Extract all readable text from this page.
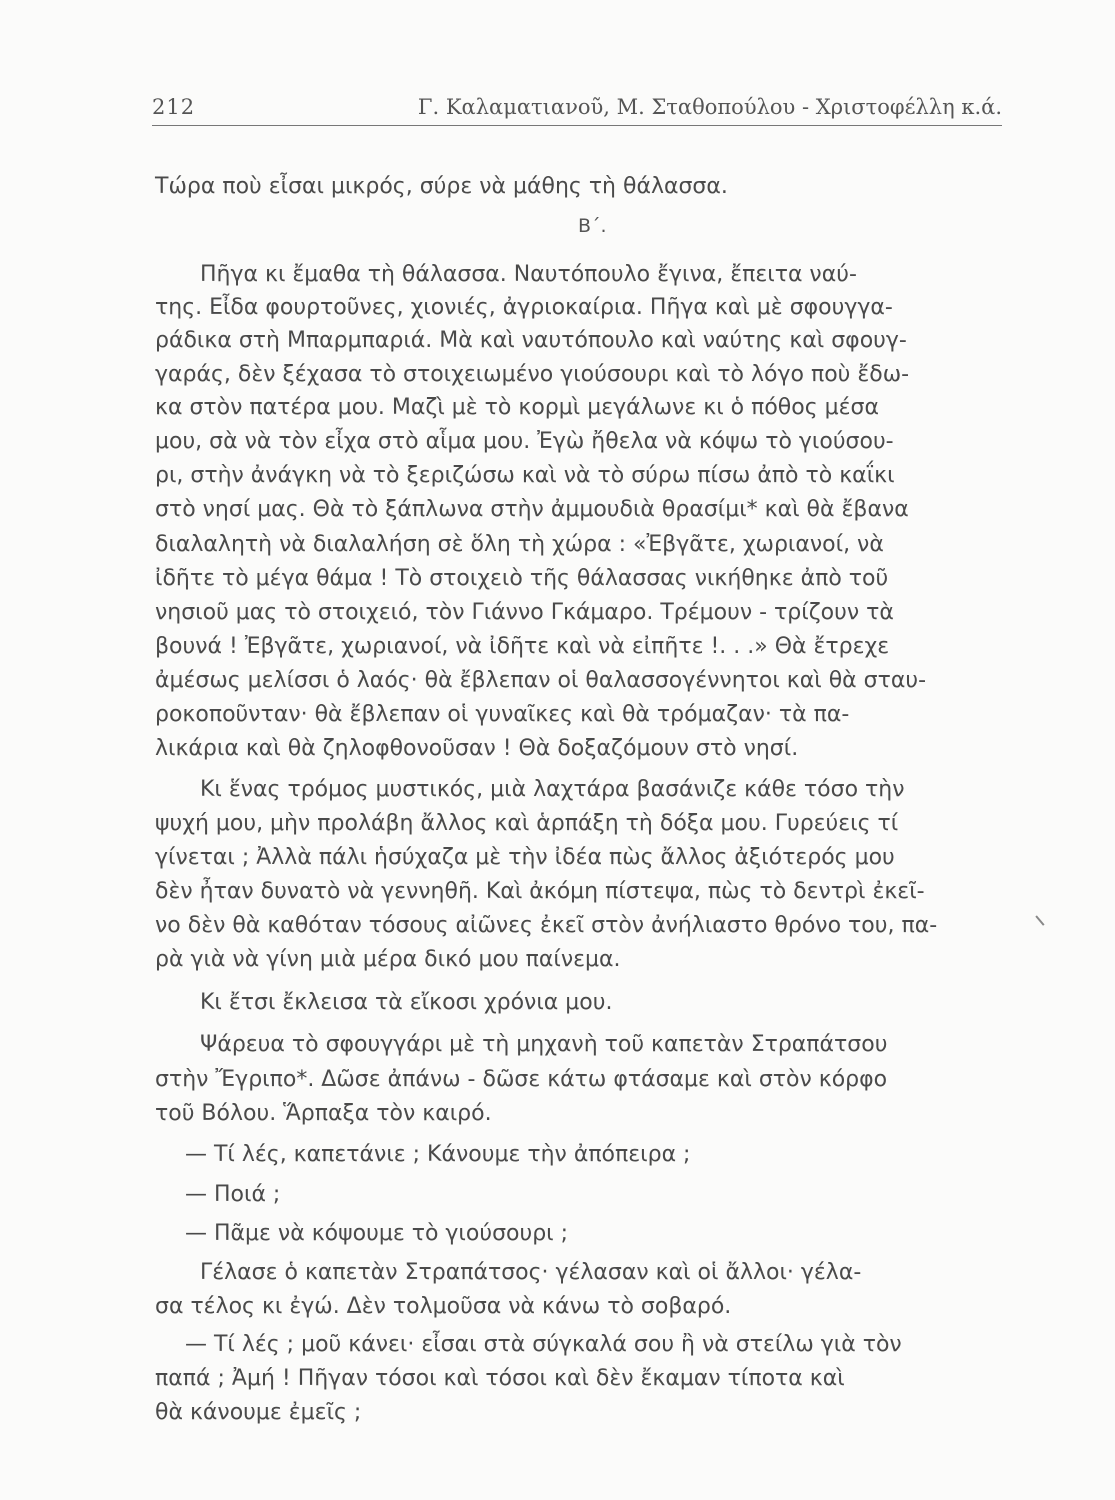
212	Γ. Καλαματιανοῦ, Μ. Σταθοπούλου - Χριστοφέλλη κ.ά.
Τώρα ποὺ εἶσαι μικρός, σύρε νὰ μάθης τὴ θάλασσα.
Β΄.
Πῆγα κι ἔμαθα τὴ θάλασσα. Ναυτόπουλο ἔγινα, ἔπειτα ναύ-
της. Εἶδα φουρτοῦνες, χιονιές, ἀγριοκαίρια. Πῆγα καὶ μὲ σφουγγα-
ράδικα στὴ Μπαρμπαριά. Μὰ καὶ ναυτόπουλο καὶ ναύτης καὶ σφουγ-
γαράς, δὲν ξέχασα τὸ στοιχειωμένο γιούσουρι καὶ τὸ λόγο ποὺ ἔδω-
κα στὸν πατέρα μου. Μαζὶ μὲ τὸ κορμὶ μεγάλωνε κι ὁ πόθος μέσα
μου, σὰ νὰ τὸν εἶχα στὸ αἷμα μου. Ἐγὼ ἤθελα νὰ κόψω τὸ γιούσου-
ρι, στὴν ἀνάγκη νὰ τὸ ξεριζώσω καὶ νὰ τὸ σύρω πίσω ἀπὸ τὸ καΐκι
στὸ νησί μας. Θὰ τὸ ξάπλωνα στὴν ἀμμουδιὰ θρασίμι* καὶ θὰ ἔβανα
διαλαλητὴ νὰ διαλαλήση σὲ ὅλη τὴ χώρα : «Ἐβγᾶτε, χωριανοί, νὰ
ἰδῆτε τὸ μέγα θάμα ! Τὸ στοιχειὸ τῆς θάλασσας νικήθηκε ἀπὸ τοῦ
νησιοῦ μας τὸ στοιχειό, τὸν Γιάννο Γκάμαρο. Τρέμουν - τρίζουν τὰ
βουνά ! Ἐβγᾶτε, χωριανοί, νὰ ἰδῆτε καὶ νὰ εἰπῆτε !. . .» Θὰ ἔτρεχε
ἀμέσως μελίσσι ὁ λαός· θὰ ἔβλεπαν οἱ θαλασσογέννητοι καὶ θὰ σταυ-
ροκοποῦνταν· θὰ ἔβλεπαν οἱ γυναῖκες καὶ θὰ τρόμαζαν· τὰ πα-
λικάρια καὶ θὰ ζηλοφθονοῦσαν ! Θὰ δοξαζόμουν στὸ νησί.
Κι ἕνας τρόμος μυστικός, μιὰ λαχτάρα βασάνιζε κάθε τόσο τὴν
ψυχή μου, μὴν προλάβη ἄλλος καὶ ἁρπάξη τὴ δόξα μου. Γυρεύεις τί
γίνεται ; Ἀλλὰ πάλι ἡσύχαζα μὲ τὴν ἰδέα πὼς ἄλλος ἀξιότερός μου
δὲν ἦταν δυνατὸ νὰ γεννηθῆ. Καὶ ἀκόμη πίστεψα, πὼς τὸ δεντρὶ ἐκεῖ-
νο δὲν θὰ καθόταν τόσους αἰῶνες ἐκεῖ στὸν ἀνήλιαστο θρόνο του, πα-
ρὰ γιὰ νὰ γίνη μιὰ μέρα δικό μου παίνεμα.
Κι ἔτσι ἔκλεισα τὰ εἴκοσι χρόνια μου.
Ψάρευα τὸ σφουγγάρι μὲ τὴ μηχανὴ τοῦ καπετὰν Στραπάτσου
στὴν Ἔγριπο*. Δῶσε ἀπάνω - δῶσε κάτω φτάσαμε καὶ στὸν κόρφο
τοῦ Βόλου. Ἅρπαξα τὸν καιρό.
— Τί λές, καπετάνιε ; Κάνουμε τὴν ἀπόπειρα ;
— Ποιά ;
— Πᾶμε νὰ κόψουμε τὸ γιούσουρι ;
Γέλασε ὁ καπετὰν Στραπάτσος· γέλασαν καὶ οἱ ἄλλοι· γέλα-
σα τέλος κι ἐγώ. Δὲν τολμοῦσα νὰ κάνω τὸ σοβαρό.
— Τί λές ; μοῦ κάνει· εἶσαι στὰ σύγκαλά σου ἢ νὰ στείλω γιὰ τὸν
παπά ; Ἀμή ! Πῆγαν τόσοι καὶ τόσοι καὶ δὲν ἔκαμαν τίποτα καὶ
θὰ κάνουμε ἐμεῖς ;
